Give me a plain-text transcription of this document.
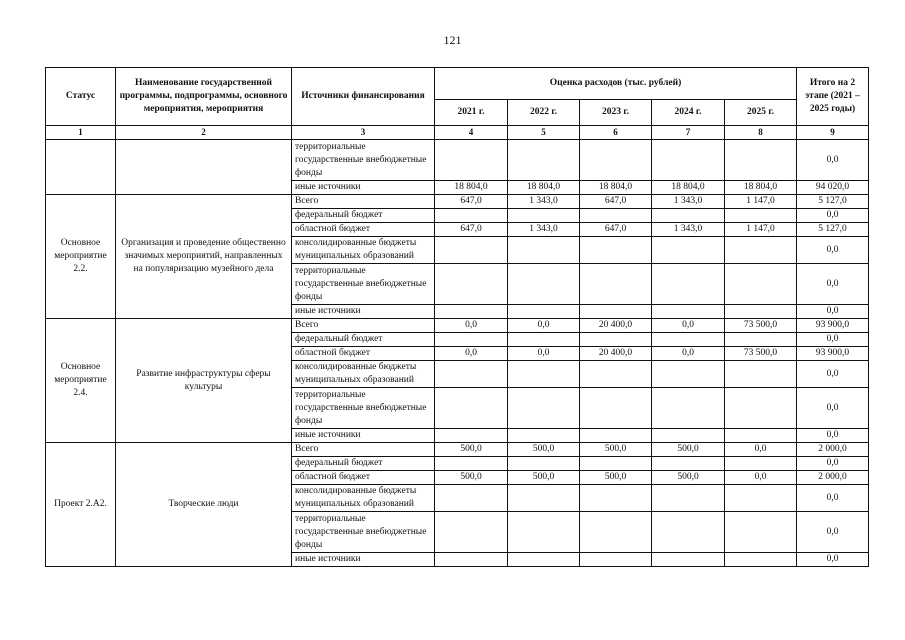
121
Статус	Наименование государственной программы, подпрограммы, основного мероприятия, мероприятия	Источники финансирования	Оценка расходов (тыс. рублей)					Итого на 2 этапе (2021 – 2025 годы)
			2021 г.	2022 г.	2023 г.	2024 г.	2025 г.	
1	2	3	4	5	6	7	8	9
		территориальные государственные внебюджетные фонды						0,0
		иные источники	18 804,0	18 804,0	18 804,0	18 804,0	18 804,0	94 020,0
Основное мероприятие 2.2.	Организация и проведение общественно значимых мероприятий, направленных на популяризацию музейного дела	Всего	647,0	1 343,0	647,0	1 343,0	1 147,0	5 127,0
		федеральный бюджет						0,0
		областной бюджет	647,0	1 343,0	647,0	1 343,0	1 147,0	5 127,0
		консолидированные бюджеты муниципальных образований						0,0
		территориальные государственные внебюджетные фонды						0,0
		иные источники						0,0
Основное мероприятие 2.4.	Развитие инфраструктуры сферы культуры	Всего	0,0	0,0	20 400,0	0,0	73 500,0	93 900,0
		федеральный бюджет						0,0
		областной бюджет	0,0	0,0	20 400,0	0,0	73 500,0	93 900,0
		консолидированные бюджеты муниципальных образований						0,0
		территориальные государственные внебюджетные фонды						0,0
		иные источники						0,0
Проект 2.А2.	Творческие люди	Всего	500,0	500,0	500,0	500,0	0,0	2 000,0
		федеральный бюджет						0,0
		областной бюджет	500,0	500,0	500,0	500,0	0,0	2 000,0
		консолидированные бюджеты муниципальных образований						0,0
		территориальные государственные внебюджетные фонды						0,0
		иные источники						0,0
